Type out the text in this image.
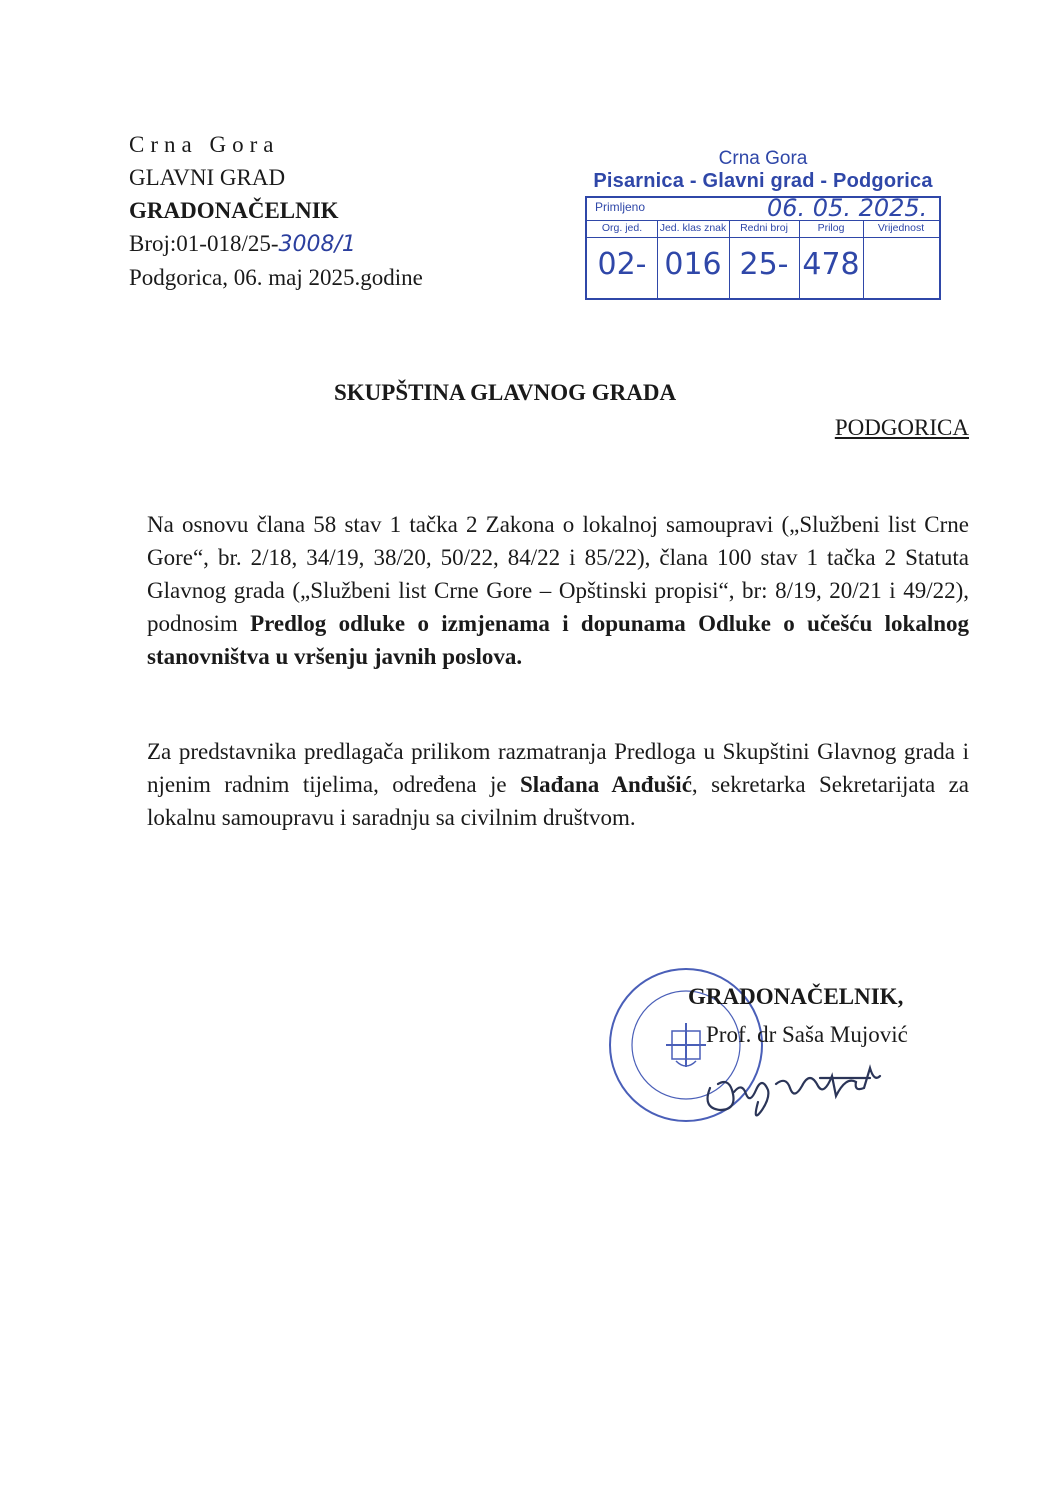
Crna Gora
GLAVNI GRAD
GRADONAČELNIK
Broj:01-018/25-3008/1
Podgorica, 06. maj 2025.godine
Crna Gora
Pisarnica - Glavni grad - Podgorica
Primljeno	06. 05. 2025.
Org. jed.
02-
Jed. klas znak
016
Redni broj
25-
Prilog
478
Vrijednost
SKUPŠTINA GLAVNOG GRADA
PODGORICA
Na osnovu člana 58 stav 1 tačka 2 Zakona o lokalnoj samoupravi („Službeni list Crne Gore“, br. 2/18, 34/19, 38/20, 50/22, 84/22 i 85/22), člana 100 stav 1 tačka 2 Statuta Glavnog grada („Službeni list Crne Gore – Opštinski propisi“, br: 8/19, 20/21 i 49/22), podnosim Predlog odluke o izmjenama i dopunama Odluke o učešću lokalnog stanovništva u vršenju javnih poslova.
Za predstavnika predlagača prilikom razmatranja Predloga u Skupštini Glavnog grada i njenim radnim tijelima, određena je Slađana Anđušić, sekretarka Sekretarijata za lokalnu samoupravu i saradnju sa civilnim društvom.
GRADONAČELNIK,
Prof. dr Saša Mujović
